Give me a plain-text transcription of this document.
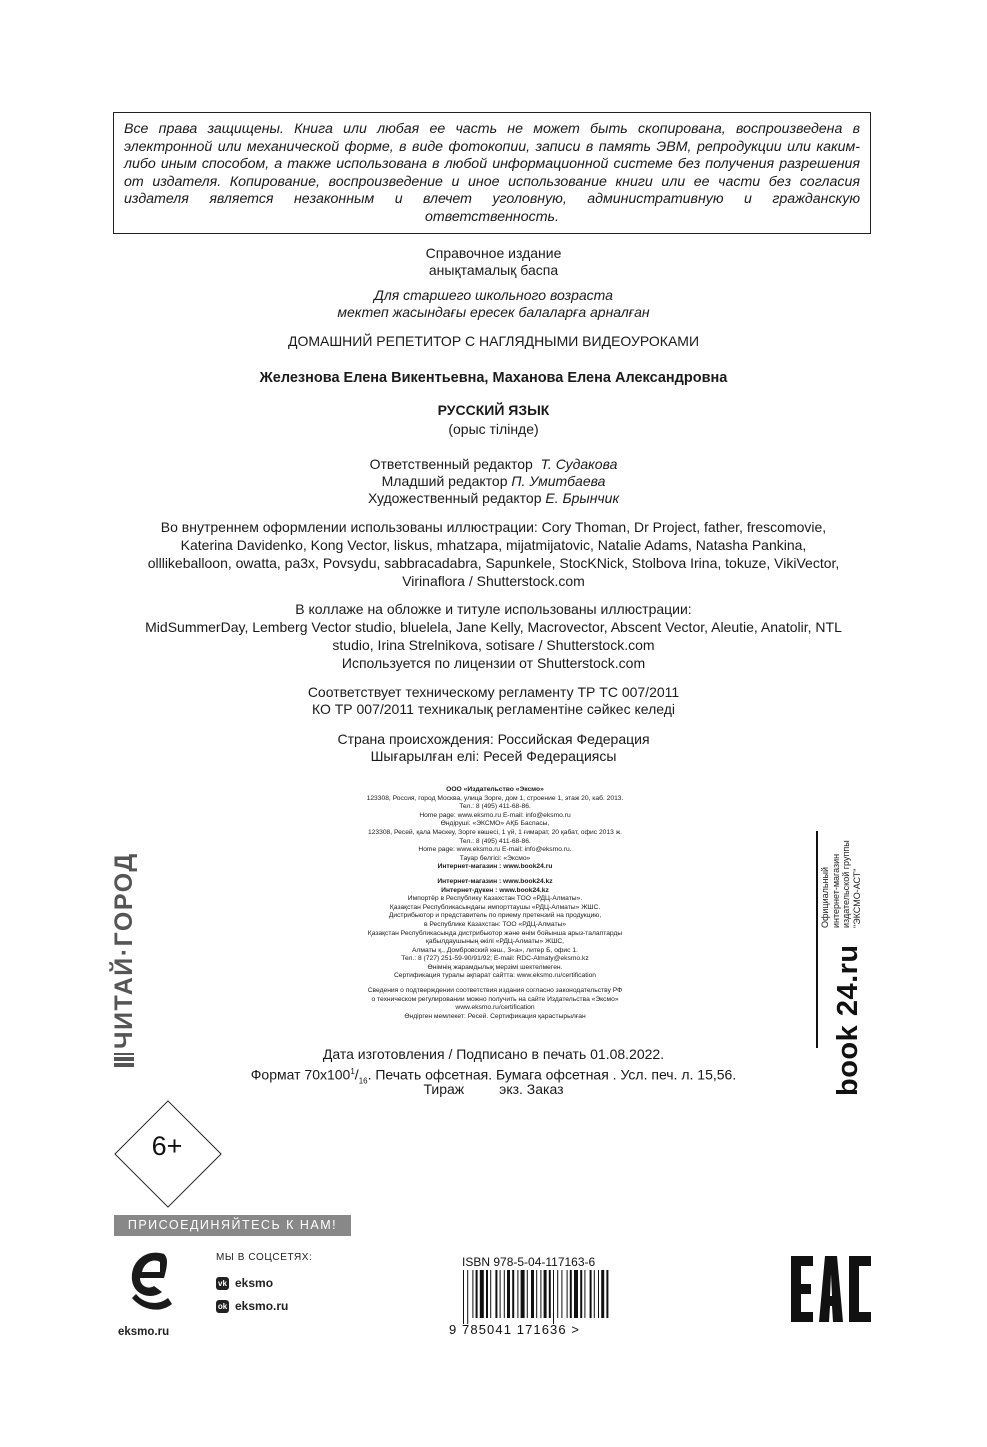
Все права защищены. Книга или любая ее часть не может быть скопирована, воспроизведена в электронной или механической форме, в виде фотокопии, записи в память ЭВМ, репродукции или каким-либо иным способом, а также использована в любой информационной системе без получения разрешения от издателя. Копирование, воспроизведение и иное использование книги или ее части без согласия издателя является незаконным и влечет уголовную, административную и гражданскую ответственность.
Справочное издание
анықтамалық баспа
Для старшего школьного возраста
мектеп жасындағы ересек балаларға арналған
ДОМАШНИЙ РЕПЕТИТОР С НАГЛЯДНЫМИ ВИДЕОУРОКАМИ
Железнова Елена Викентьевна, Маханова Елена Александровна
РУССКИЙ ЯЗЫК
(орыс тілінде)
Ответственный редактор Т. Судакова
Младший редактор П. Умитбаева
Художественный редактор Е. Брынчик
Во внутреннем оформлении использованы иллюстрации: Cory Thoman, Dr Project, father, frescomovie,
Katerina Davidenko, Kong Vector, liskus, mhatzapa, mijatmijatovic, Natalie Adams, Natasha Pankina,
olllikeballoon, owatta, pa3x, Povsydu, sabbracadabra, Sapunkele, StocKNick, Stolbova Irina, tokuze, VikiVector,
Virinaflora / Shutterstock.com
В коллаже на обложке и титуле использованы иллюстрации:
MidSummerDay, Lemberg Vector studio, bluelela, Jane Kelly, Macrovector, Abscent Vector, Aleutie, Anatolir, NTL
studio, Irina Strelnikova, sotisare / Shutterstock.com
Используется по лицензии от Shutterstock.com
Соответствует техническому регламенту ТР ТС 007/2011
КО ТР 007/2011 техникалық регламентіне сәйкес келеді
Страна происхождения: Российская Федерация
Шығарылған елі: Ресей Федерациясы
ООО «Издательство «Эксмо»
123308, Россия, город Москва, улица Зорге, дом 1, строение 1, этаж 20, каб. 2013.
Тел.: 8 (495) 411-68-86.
Home page: www.eksmo.ru E-mail: info@eksmo.ru
Өндіруші: «ЭКСМО» АҚБ Баспасы,
123308, Ресей, қала Мәскеу, Зорге көшесі, 1 үй, 1 ғимарат, 20 қабат, офис 2013 ж.
Тел.: 8 (495) 411-68-86.
Home page: www.eksmo.ru E-mail: info@eksmo.ru.
Тауар белгісі: «Эксмо»
Интернет-магазин : www.book24.ru
Интернет-магазин : www.book24.kz
Интернет-дүкен : www.book24.kz
Импортёр в Республику Казахстан ТОО «РДЦ-Алматы».
Қазақстан Республикасындағы импорттаушы «РДЦ-Алматы» ЖШС.
Дистрибьютор и представитель по приему претензий на продукцию,
в Республике Казахстан: ТОО «РДЦ-Алматы»
Қазақстан Республикасында дистрибьютор және өнім бойынша арыз-талаптарды
қабылдаушының өкілі «РДЦ-Алматы» ЖШС,
Алматы қ., Домбровский көш., 3«а», литер Б, офис 1.
Тел.: 8 (727) 251-59-90/91/92; E-mail: RDC-Almaty@eksmo.kz
Өнімнің жарамдылық мерзімі шектелмеген.
Сертификация туралы ақпарат сайтта: www.eksmo.ru/certification
Сведения о подтверждении соответствия издания согласно законодательству РФ
о техническом регулировании можно получить на сайте Издательства «Эксмо»
www.eksmo.ru/certification
Өндірген мемлекет: Ресей. Сертификация қарастырылған
Дата изготовления / Подписано в печать 01.08.2022.
Формат $70х100^1/_{16}$. Печать офсетная. Бумага офсетная . Усл. печ. л. 15,56.
Тираж         экз. Заказ
ЧИТАЙ·ГОРОД	Официальный интернет-магазин издательской группы "ЭКСМО-АСТ"
book 24.ru
6+
ПРИСОЕДИНЯЙТЕСЬ К НАМ!
eksmo.ru
МЫ В СОЦСЕТЯХ:
vk eksmo
ok eksmo.ru
ISBN 978-5-04-117163-6
9 785041 171636 >
